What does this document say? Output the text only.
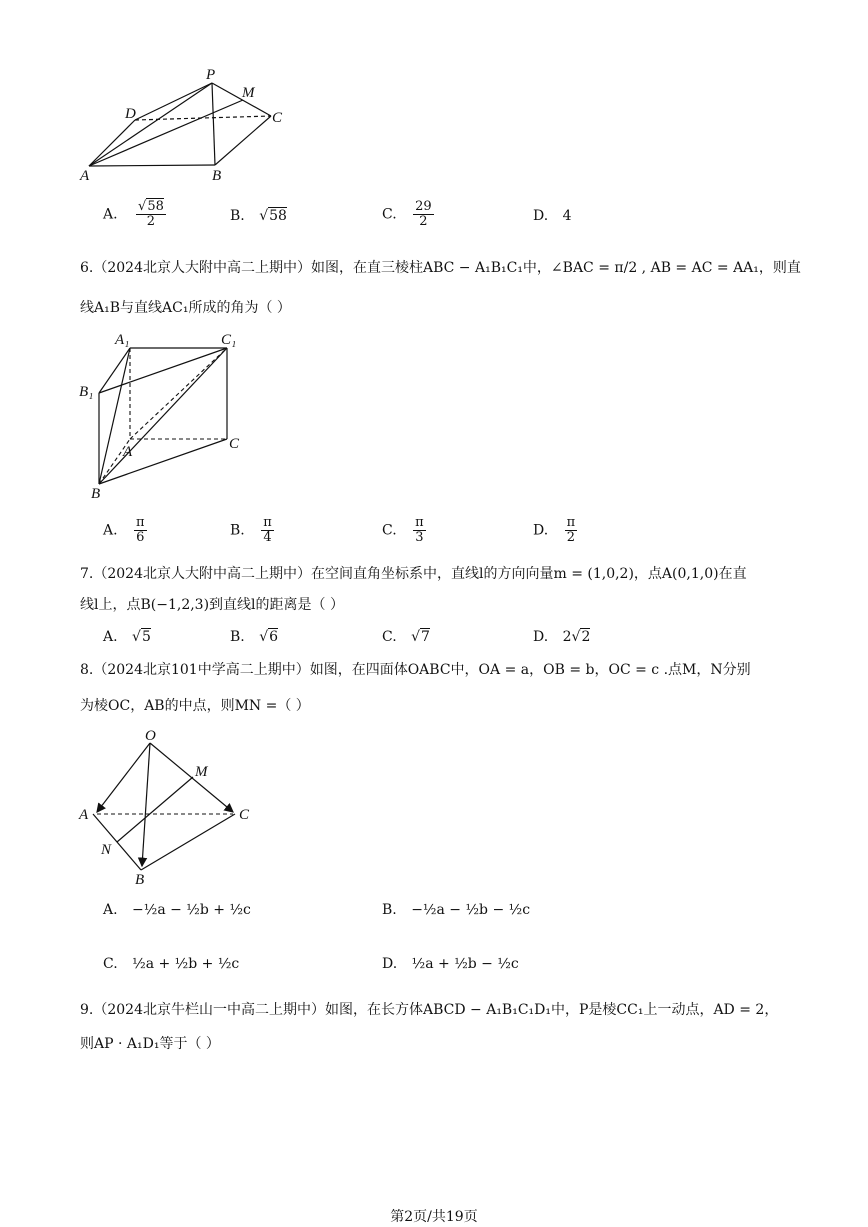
P
M
D	C
A	B
A. $\frac{√58}{2}$	B. √58	C. $\frac{29}{2}$	D. 4
6.（2024北京人大附中高二上期中）如图，在直三棱柱ABC − A₁B₁C₁中，∠BAC = π/2 , AB = AC = AA₁，则直
线A₁B与直线AC₁所成的角为（ ）
A₁	C₁
B₁
A	C
B
A. $\frac{\pi}{6}$	B. $\frac{\pi}{4}$	C. $\frac{\pi}{3}$	D. $\frac{\pi}{2}$
7.（2024北京人大附中高二上期中）在空间直角坐标系中，直线l的方向向量m = (1,0,2)，点A(0,1,0)在直
线l上，点B(−1,2,3)到直线l的距离是（ ）
A. √5	B. √6	C. √7	D. 2√2
8.（2024北京101中学高二上期中）如图，在四面体OABC中，OA = a，OB = b，OC = c .点M，N分别
为棱OC，AB的中点，则MN =（ ）
O
M
A	C
N
B
A. −½a − ½b + ½c	B. −½a − ½b − ½c
C. ½a + ½b + ½c	D. ½a + ½b − ½c
9.（2024北京牛栏山一中高二上期中）如图，在长方体ABCD − A₁B₁C₁D₁中，P是棱CC₁上一动点，AD = 2，
则AP · A₁D₁等于（ ）
第2页/共19页
